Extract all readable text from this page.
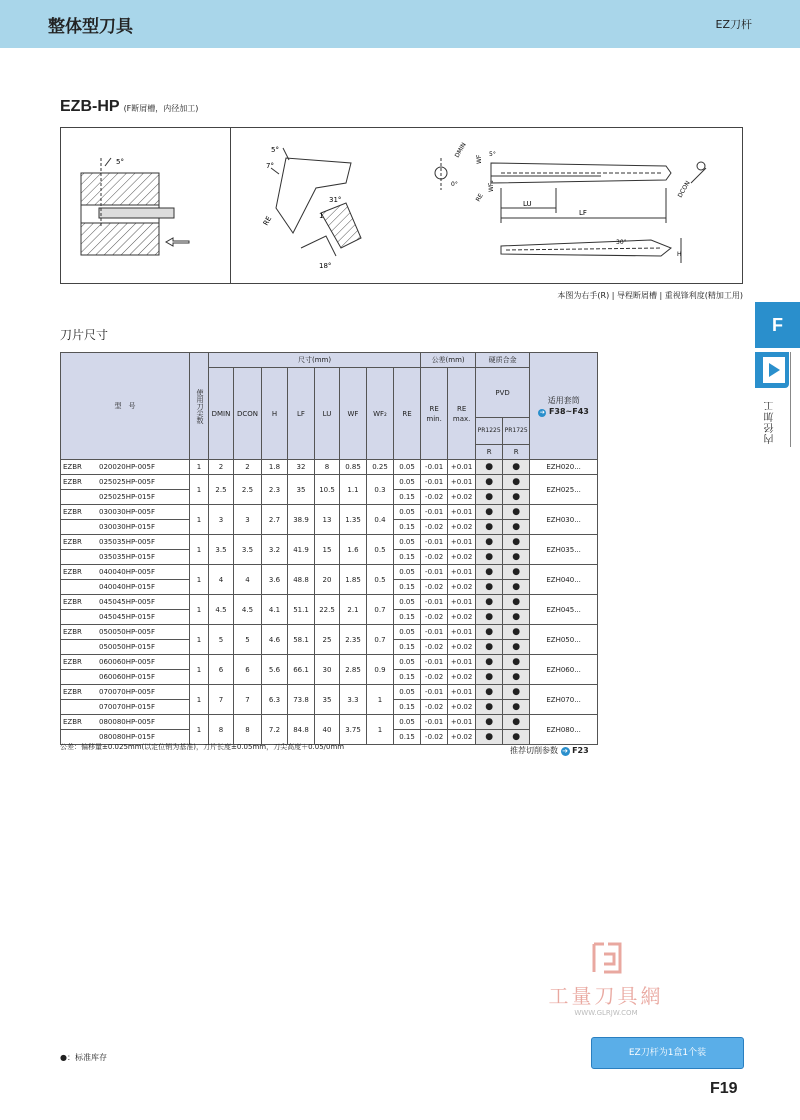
整体型刀具	EZ刀杆
EZB-HP (F断屑槽，内径加工)
5°
5°
7°
31°
18°
RE	1
LU
LF
DMIN
WF
WF₂
5°
0°
RE	DCON
30°
H
本图为右手(R) | 导程断屑槽 | 重视锋利度(精加工用)
刀片尺寸	F
内径加工
型　号	使用刀尖数	尺寸(mm)								公差(mm)		硬质合金		适用套筒
➔ F38~F43

		DMIN	DCON	H	LF	LU	WF	WF₂	RE	RE min.	RE max.	PVD		
												PR1225	PR1725	
												R	R	
EZBR 020020HP-005F	1	2	2	1.8	32	8	0.85	0.25	0.05	-0.01	+0.01	●	●	EZH020...
EZBR 025025HP-005F	1	2.5	2.5	2.3	35	10.5	1.1	0.3	0.05	-0.01	+0.01	●	●	EZH025...
025025HP-015F									0.15	-0.02	+0.02	●	●	
EZBR 030030HP-005F	1	3	3	2.7	38.9	13	1.35	0.4	0.05	-0.01	+0.01	●	●	EZH030...
030030HP-015F									0.15	-0.02	+0.02	●	●	
EZBR 035035HP-005F	1	3.5	3.5	3.2	41.9	15	1.6	0.5	0.05	-0.01	+0.01	●	●	EZH035...
035035HP-015F									0.15	-0.02	+0.02	●	●	
EZBR 040040HP-005F	1	4	4	3.6	48.8	20	1.85	0.5	0.05	-0.01	+0.01	●	●	EZH040...
040040HP-015F									0.15	-0.02	+0.02	●	●	
EZBR 045045HP-005F	1	4.5	4.5	4.1	51.1	22.5	2.1	0.7	0.05	-0.01	+0.01	●	●	EZH045...
045045HP-015F									0.15	-0.02	+0.02	●	●	
EZBR 050050HP-005F	1	5	5	4.6	58.1	25	2.35	0.7	0.05	-0.01	+0.01	●	●	EZH050...
050050HP-015F									0.15	-0.02	+0.02	●	●	
EZBR 060060HP-005F	1	6	6	5.6	66.1	30	2.85	0.9	0.05	-0.01	+0.01	●	●	EZH060...
060060HP-015F									0.15	-0.02	+0.02	●	●	
EZBR 070070HP-005F	1	7	7	6.3	73.8	35	3.3	1	0.05	-0.01	+0.01	●	●	EZH070...
070070HP-015F									0.15	-0.02	+0.02	●	●	
EZBR 080080HP-005F	1	8	8	7.2	84.8	40	3.75	1	0.05	-0.01	+0.01	●	●	EZH080...
080080HP-015F									0.15	-0.02	+0.02	●	●	
公差：偏移量±0.025mm(以定位销为基准)，刀片长度±0.05mm，刀尖高度＋0.05/0mm	推荐切削参数 ➔ F23
工量刀具網
WWW.GLRJW.COM
EZ刀杆为1盒1个装
●：标准库存
F19
